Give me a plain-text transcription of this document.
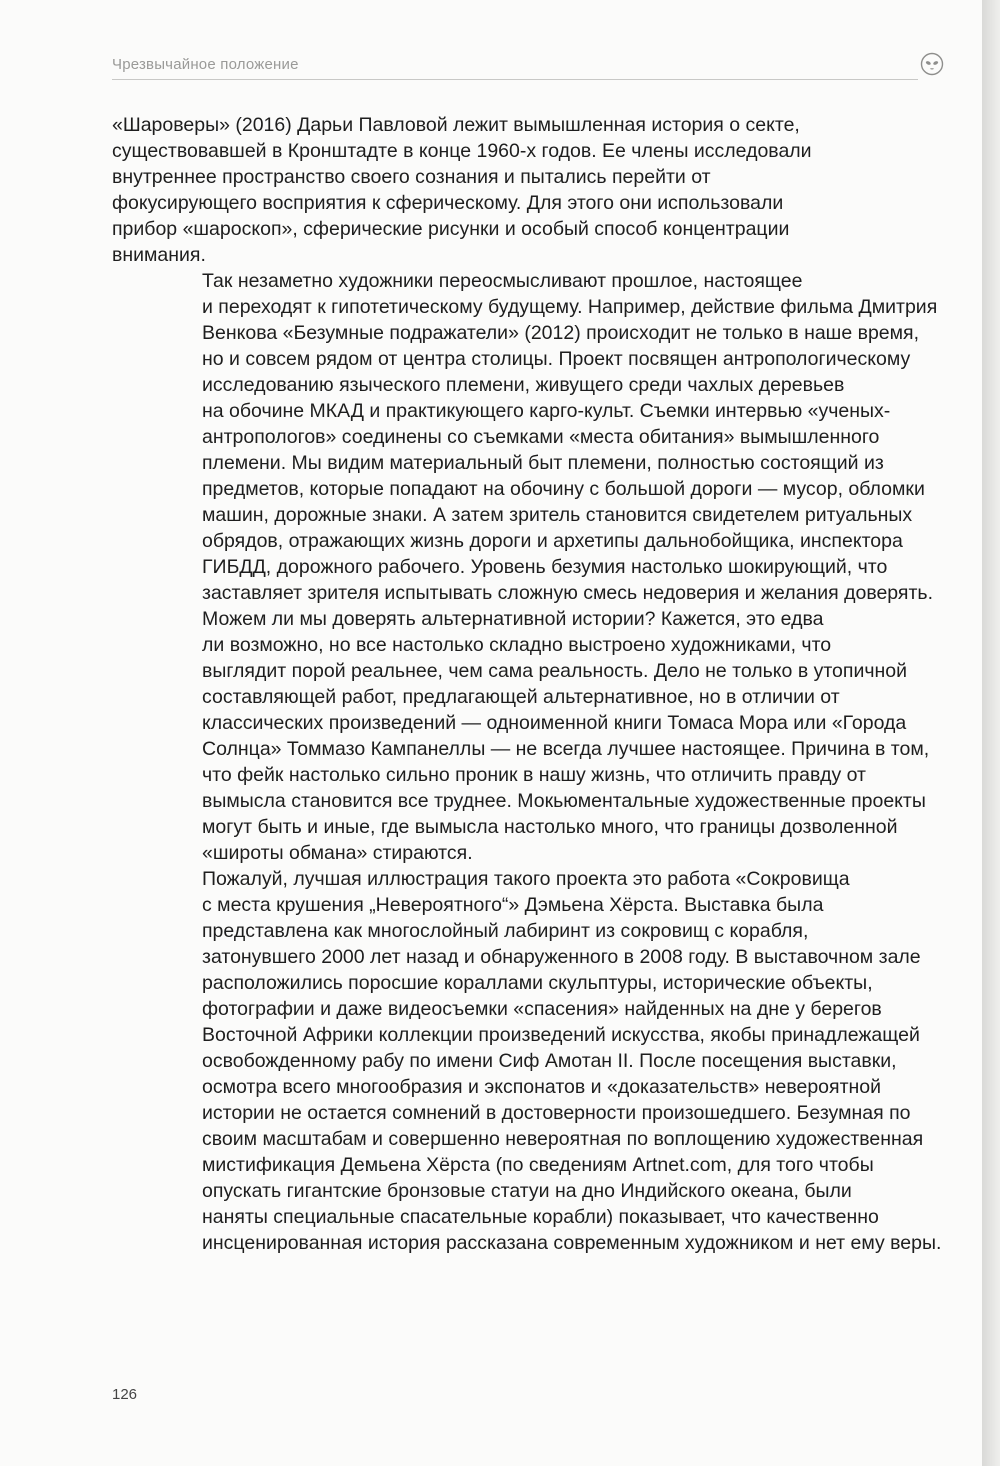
Чрезвычайное положение

«Шароверы» (2016) Дарьи Павловой лежит вымышленная история о секте,
существовавшей в Кронштадте в конце 1960-х годов. Ее члены исследовали
внутреннее пространство своего сознания и пытались перейти от
фокусирующего восприятия к сферическому. Для этого они использовали
прибор «шароскоп», сферические рисунки и особый способ концентрации
внимания.

Так незаметно художники переосмысливают прошлое, настоящее
и переходят к гипотетическому будущему. Например, действие фильма Дмитрия
Венкова «Безумные подражатели» (2012) происходит не только в наше время,
но и совсем рядом от центра столицы. Проект посвящен антропологическому
исследованию языческого племени, живущего среди чахлых деревьев
на обочине МКАД и практикующего карго-культ. Съемки интервью «ученых-
антропологов» соединены со съемками «места обитания» вымышленного
племени. Мы видим материальный быт племени, полностью состоящий из
предметов, которые попадают на обочину с большой дороги — мусор, обломки
машин, дорожные знаки. А затем зритель становится свидетелем ритуальных
обрядов, отражающих жизнь дороги и архетипы дальнобойщика, инспектора
ГИБДД, дорожного рабочего. Уровень безумия настолько шокирующий, что
заставляет зрителя испытывать сложную смесь недоверия и желания доверять.
Можем ли мы доверять альтернативной истории? Кажется, это едва
ли возможно, но все настолько складно выстроено художниками, что
выглядит порой реальнее, чем сама реальность. Дело не только в утопичной
составляющей работ, предлагающей альтернативное, но в отличии от
классических произведений — одноименной книги Томаса Мора или «Города
Солнца» Томмазо Кампанеллы — не всегда лучшее настоящее. Причина в том,
что фейк настолько сильно проник в нашу жизнь, что отличить правду от
вымысла становится все труднее. Мокьюментальные художественные проекты
могут быть и иные, где вымысла настолько много, что границы дозволенной
«широты обмана» стираются.

Пожалуй, лучшая иллюстрация такого проекта это работа «Сокровища
с места крушения „Невероятного“» Дэмьена Хёрста. Выставка была
представлена как многослойный лабиринт из сокровищ с корабля,
затонувшего 2000 лет назад и обнаруженного в 2008 году. В выставочном зале
расположились поросшие кораллами скульптуры, исторические объекты,
фотографии и даже видеосъемки «спасения» найденных на дне у берегов
Восточной Африки коллекции произведений искусства, якобы принадлежащей
освобожденному рабу по имени Сиф Амотан II. После посещения выставки,
осмотра всего многообразия и экспонатов и «доказательств» невероятной
истории не остается сомнений в достоверности произошедшего. Безумная по
своим масштабам и совершенно невероятная по воплощению художественная
мистификация Демьена Хёрста (по сведениям Artnet.com, для того чтобы
опускать гигантские бронзовые статуи на дно Индийского океана, были
наняты специальные спасательные корабли) показывает, что качественно
инсценированная история рассказана современным художником и нет ему веры.

126
